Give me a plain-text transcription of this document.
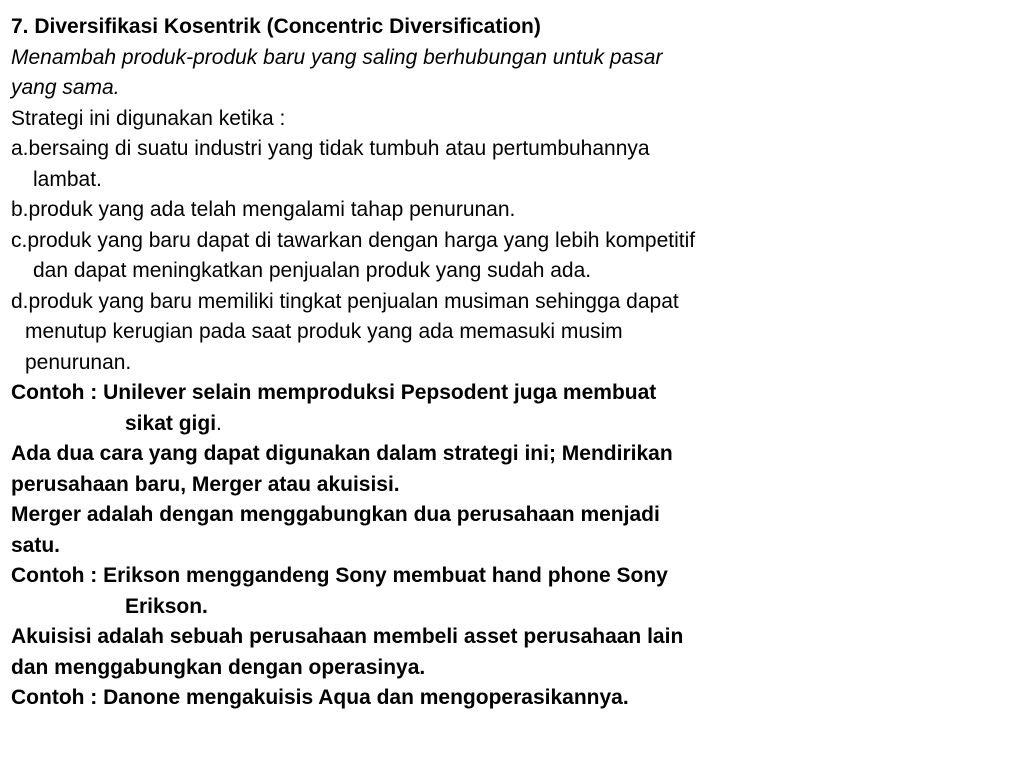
7. Diversifikasi Kosentrik (Concentric Diversification)
Menambah produk-produk baru yang saling berhubungan untuk pasar
yang sama.
Strategi ini digunakan ketika :
a.bersaing di suatu industri yang tidak tumbuh atau pertumbuhannya
lambat.
b.produk yang ada telah mengalami tahap penurunan.
c.produk yang baru dapat di tawarkan dengan harga yang lebih kompetitif
dan dapat meningkatkan penjualan produk yang sudah ada.
d.produk yang baru memiliki tingkat penjualan musiman sehingga dapat
menutup kerugian pada saat produk yang ada memasuki musim
penurunan.
Contoh : Unilever selain memproduksi Pepsodent juga membuat
sikat gigi.
Ada dua cara yang dapat digunakan dalam strategi ini; Mendirikan
perusahaan baru, Merger atau akuisisi.
Merger adalah dengan menggabungkan dua perusahaan menjadi
satu.
Contoh : Erikson menggandeng Sony membuat hand phone Sony
Erikson.
Akuisisi adalah sebuah perusahaan membeli asset perusahaan lain
dan menggabungkan dengan operasinya.
Contoh : Danone mengakuisis Aqua dan mengoperasikannya.
